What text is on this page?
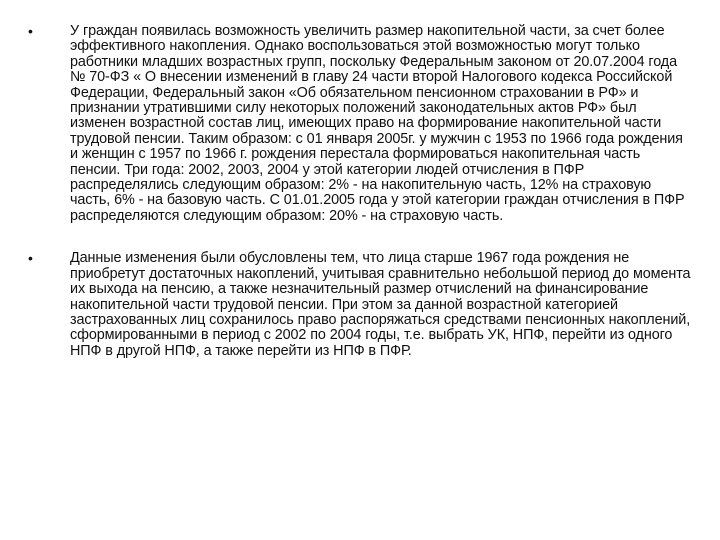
•	У граждан появилась возможность увеличить размер накопительной части, за счет более эффективного накопления. Однако воспользоваться этой возможностью могут только работники младших возрастных групп, поскольку Федеральным законом от 20.07.2004 года № 70-ФЗ « О внесении изменений в главу 24 части второй Налогового кодекса Российской Федерации, Федеральный закон «Об обязательном пенсионном страховании в РФ» и признании утратившими силу некоторых положений законодательных актов РФ» был изменен возрастной состав лиц, имеющих право на формирование накопительной части трудовой пенсии. Таким образом: с 01 января 2005г. у мужчин с 1953 по 1966 года рождения и женщин с 1957 по 1966 г. рождения перестала формироваться накопительная часть пенсии. Три года: 2002, 2003, 2004 у этой категории людей отчисления в ПФР распределялись следующим образом: 2% - на накопительную часть, 12% на страховую часть, 6% - на базовую часть. С 01.01.2005 года у этой категории граждан отчисления в ПФР распределяются следующим образом: 20% - на страховую часть.
•	Данные изменения были обусловлены тем, что лица старше 1967 года рождения не приобретут достаточных накоплений, учитывая сравнительно небольшой период до момента их выхода на пенсию, а также незначительный размер отчислений на финансирование накопительной части трудовой пенсии. При этом за данной возрастной категорией застрахованных лиц сохранилось право распоряжаться средствами пенсионных накоплений, сформированными в период с 2002 по 2004 годы, т.е. выбрать УК, НПФ, перейти из одного НПФ в другой НПФ, а также перейти из НПФ в ПФР.
